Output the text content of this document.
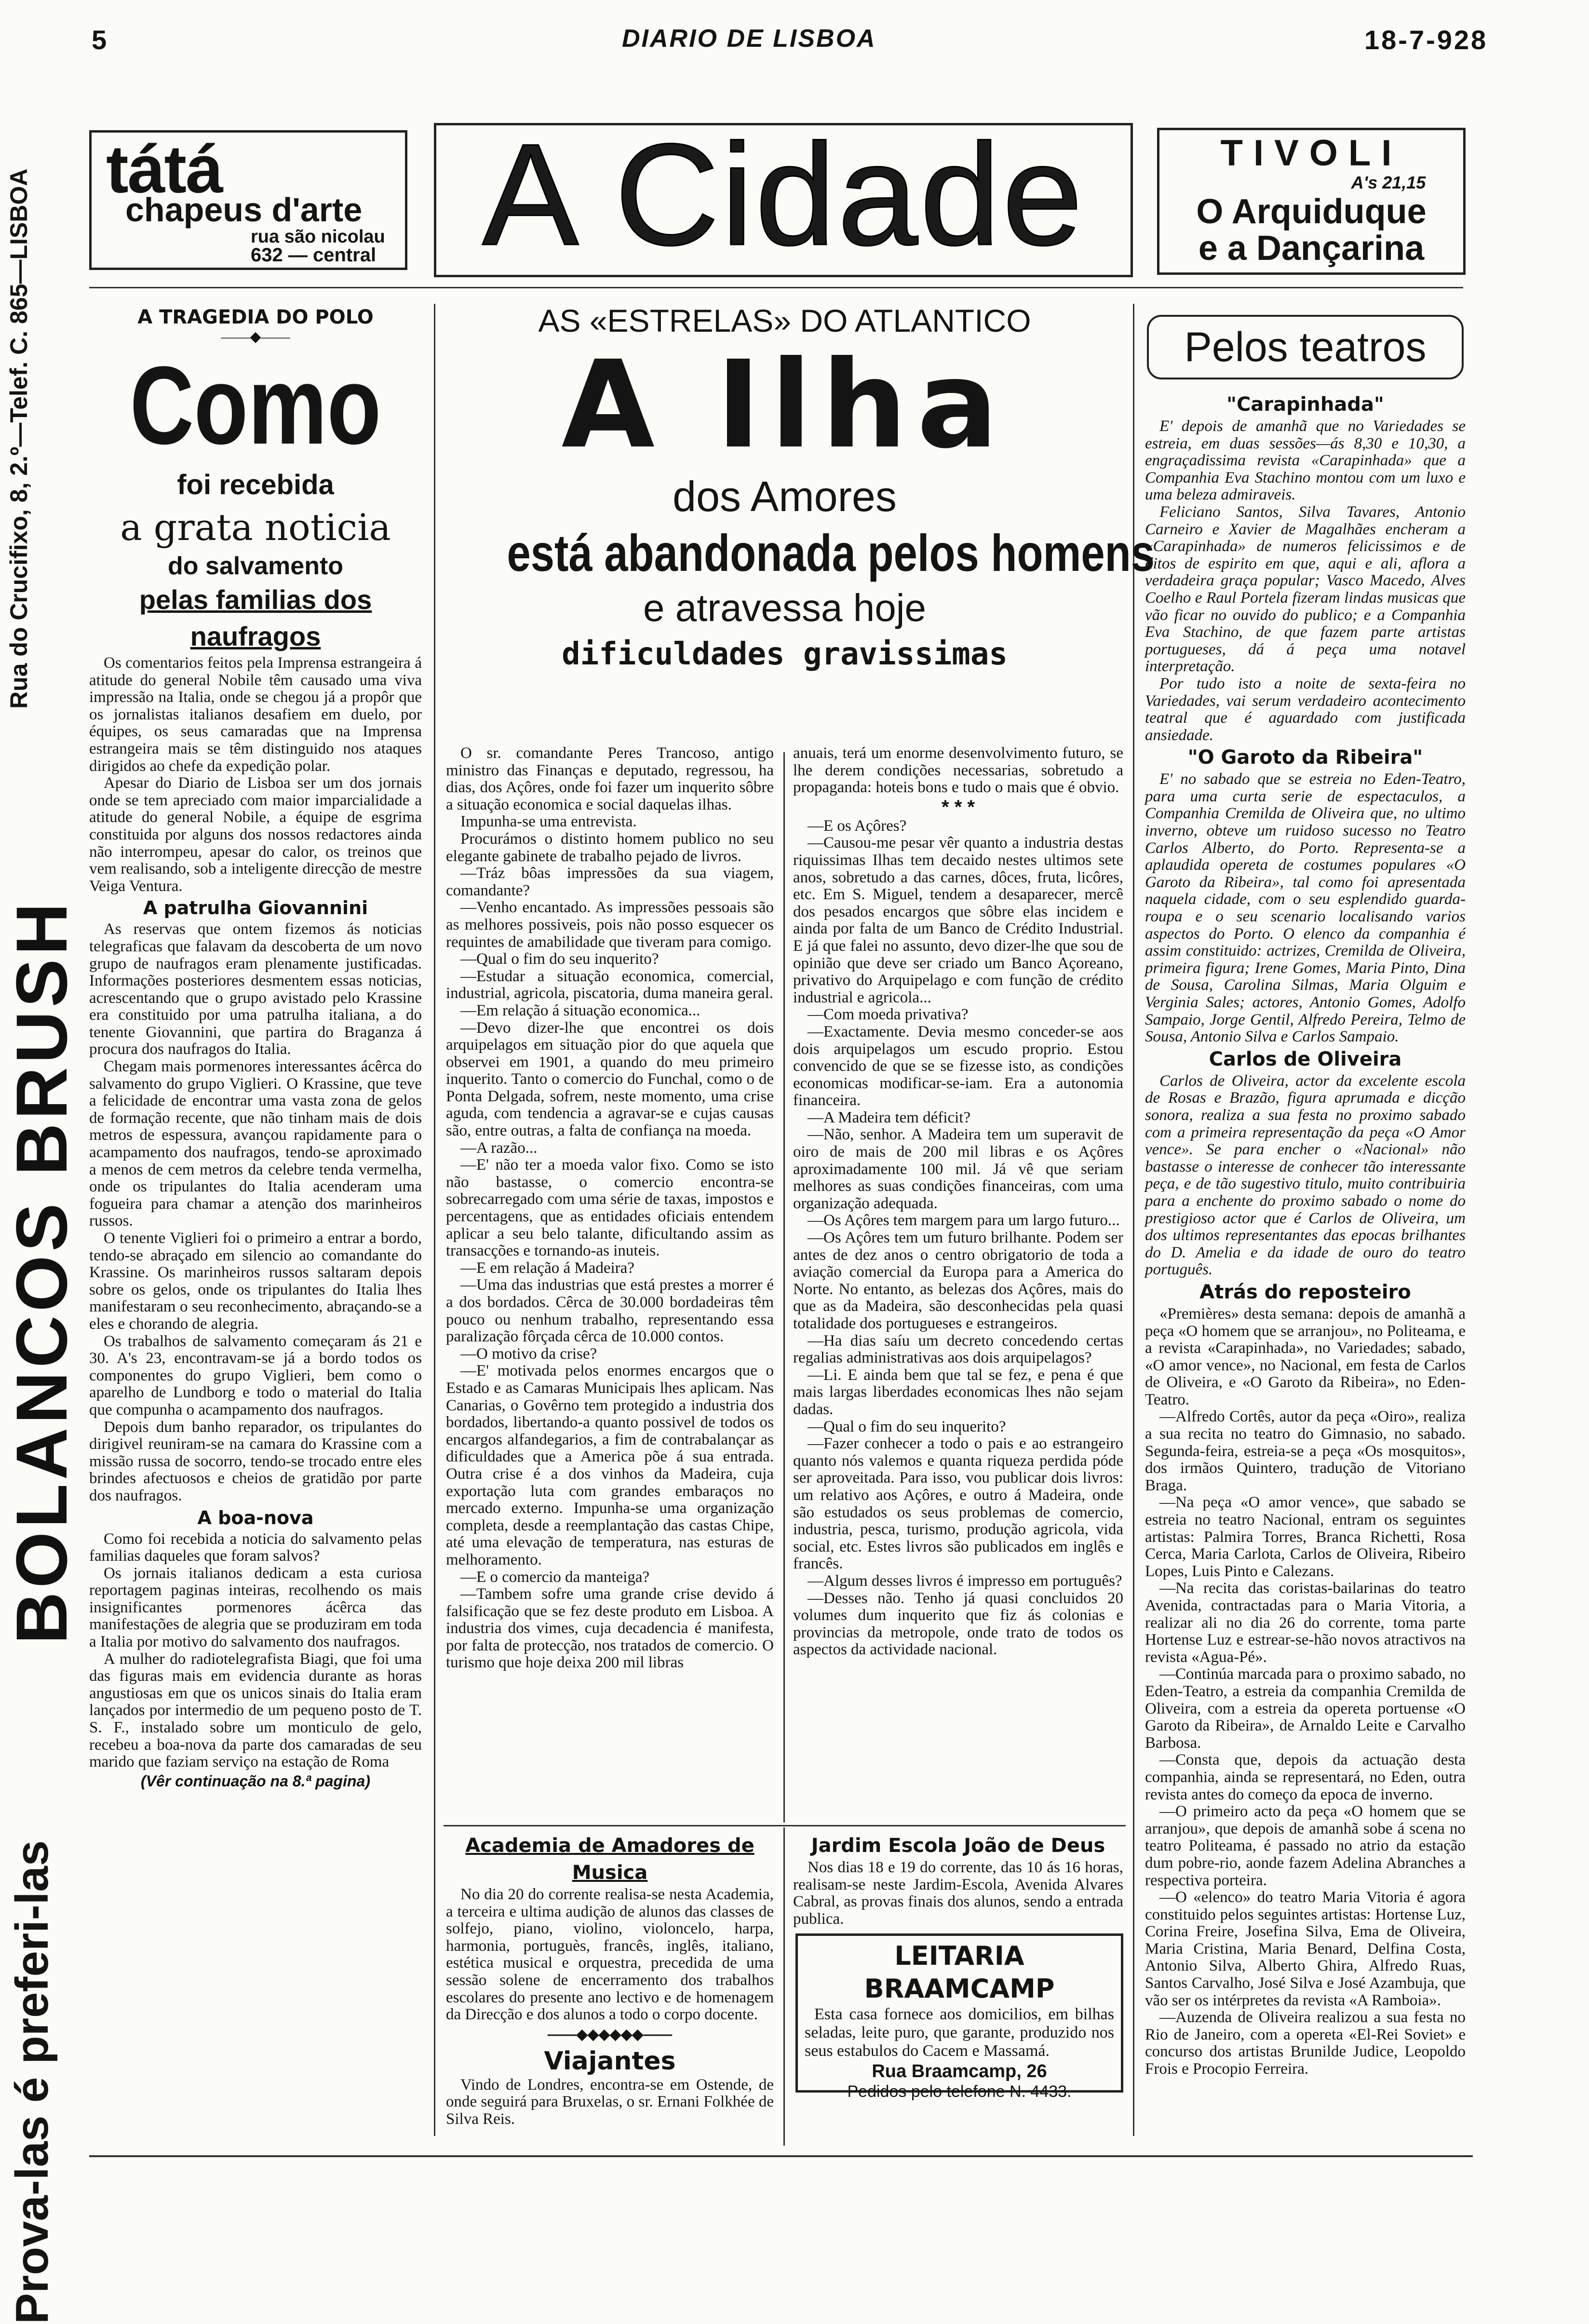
5	DIARIO DE LISBOA	18-7-928
Rua do Crucifixo, 8, 2.º—Telef. C. 865—LISBOA
BOLANCOS BRUSH
Prova-las é preferi-las
tátá
chapeus d'arte
rua são nicolau
632 — central A Cidade	TIVOLI
A's 21,15
O Arquiduque
e a Dançarina
A TRAGEDIA DO POLO
——◆——
Como
foi recebida
a grata noticia
do salvamento
pelas familias dos naufragos

Os comentarios feitos pela Imprensa estrangeira á atitude do general Nobile têm causado uma viva impressão na Italia, onde se chegou já a propôr que os jornalistas italianos desafiem em duelo, por équipes, os seus camaradas que na Imprensa estrangeira mais se têm distinguido nos ataques dirigidos ao chefe da expedição polar.

Apesar do Diario de Lisboa ser um dos jornais onde se tem apreciado com maior imparcialidade a atitude do general Nobile, a équipe de esgrima constituida por alguns dos nossos redactores ainda não interrompeu, apesar do calor, os treinos que vem realisando, sob a inteligente direcção de mestre Veiga Ventura.

A patrulha Giovannini

As reservas que ontem fizemos ás noticias telegraficas que falavam da descoberta de um novo grupo de naufragos eram plenamente justificadas. Informações posteriores desmentem essas noticias, acrescentando que o grupo avistado pelo Krassine era constituido por uma patrulha italiana, a do tenente Giovannini, que partira do Braganza á procura dos naufragos do Italia.

Chegam mais pormenores interessantes ácêrca do salvamento do grupo Viglieri. O Krassine, que teve a felicidade de encontrar uma vasta zona de gelos de formação recente, que não tinham mais de dois metros de espessura, avançou rapidamente para o acampamento dos naufragos, tendo-se aproximado a menos de cem metros da celebre tenda vermelha, onde os tripulantes do Italia acenderam uma fogueira para chamar a atenção dos marinheiros russos.

O tenente Viglieri foi o primeiro a entrar a bordo, tendo-se abraçado em silencio ao comandante do Krassine. Os marinheiros russos saltaram depois sobre os gelos, onde os tripulantes do Italia lhes manifestaram o seu reconhecimento, abraçando-se a eles e chorando de alegria.

Os trabalhos de salvamento começaram ás 21 e 30. A's 23, encontravam-se já a bordo todos os componentes do grupo Viglieri, bem como o aparelho de Lundborg e todo o material do Italia que compunha o acampamento dos naufragos.

Depois dum banho reparador, os tripulantes do dirigivel reuniram-se na camara do Krassine com a missão russa de socorro, tendo-se trocado entre eles brindes afectuosos e cheios de gratidão por parte dos naufragos.

A boa-nova

Como foi recebida a noticia do salvamento pelas familias daqueles que foram salvos?

Os jornais italianos dedicam a esta curiosa reportagem paginas inteiras, recolhendo os mais insignificantes pormenores ácêrca das manifestações de alegria que se produziram em toda a Italia por motivo do salvamento dos naufragos.

A mulher do radiotelegrafista Biagi, que foi uma das figuras mais em evidencia durante as horas angustiosas em que os unicos sinais do Italia eram lançados por intermedio de um pequeno posto de T. S. F., instalado sobre um monticulo de gelo, recebeu a boa-nova da parte dos camaradas de seu marido que faziam serviço na estação de Roma

(Vêr continuação na 8.ª pagina)
AS «ESTRELAS» DO ATLANTICO
A Ilha
dos Amores
está abandonada pelos homens
e atravessa hoje
dificuldades gravissimas

O sr. comandante Peres Trancoso, antigo ministro das Finanças e deputado, regressou, ha dias, dos Açôres, onde foi fazer um inquerito sôbre a situação economica e social daquelas ilhas.

Impunha-se uma entrevista.

Procurámos o distinto homem publico no seu elegante gabinete de trabalho pejado de livros.

—Tráz bôas impressões da sua viagem, comandante?

—Venho encantado. As impressões pessoais são as melhores possiveis, pois não posso esquecer os requintes de amabilidade que tiveram para comigo.

—Qual o fim do seu inquerito?

—Estudar a situação economica, comercial, industrial, agricola, piscatoria, duma maneira geral.

—Em relação á situação economica...

—Devo dizer-lhe que encontrei os dois arquipelagos em situação pior do que aquela que observei em 1901, a quando do meu primeiro inquerito. Tanto o comercio do Funchal, como o de Ponta Delgada, sofrem, neste momento, uma crise aguda, com tendencia a agravar-se e cujas causas são, entre outras, a falta de confiança na moeda.

—A razão...

—E' não ter a moeda valor fixo. Como se isto não bastasse, o comercio encontra-se sobrecarregado com uma série de taxas, impostos e percentagens, que as entidades oficiais entendem aplicar a seu belo talante, dificultando assim as transacções e tornando-as inuteis.

—E em relação á Madeira?

—Uma das industrias que está prestes a morrer é a dos bordados. Cêrca de 30.000 bordadeiras têm pouco ou nenhum trabalho, representando essa paralização fôrçada cêrca de 10.000 contos.

—O motivo da crise?

—E' motivada pelos enormes encargos que o Estado e as Camaras Municipais lhes aplicam. Nas Canarias, o Govêrno tem protegido a industria dos bordados, libertando-a quanto possivel de todos os encargos alfandegarios, a fim de contrabalançar as dificuldades que a America põe á sua entrada. Outra crise é a dos vinhos da Madeira, cuja exportação luta com grandes embaraços no mercado externo. Impunha-se uma organização completa, desde a reemplantação das castas Chipe, até uma elevação de temperatura, nas esturas de melhoramento.

—E o comercio da manteiga?

—Tambem sofre uma grande crise devido á falsificação que se fez deste produto em Lisboa. A industria dos vimes, cuja decadencia é manifesta, por falta de protecção, nos tratados de comercio. O turismo que hoje deixa 200 mil libras

anuais, terá um enorme desenvolvimento futuro, se lhe derem condições necessarias, sobretudo a propaganda: hoteis bons e tudo o mais que é obvio.

* * *

—E os Açôres?

—Causou-me pesar vêr quanto a industria destas riquissimas Ilhas tem decaido nestes ultimos sete anos, sobretudo a das carnes, dôces, fruta, licôres, etc. Em S. Miguel, tendem a desaparecer, mercê dos pesados encargos que sôbre elas incidem e ainda por falta de um Banco de Crédito Industrial. E já que falei no assunto, devo dizer-lhe que sou de opinião que deve ser criado um Banco Açoreano, privativo do Arquipelago e com função de crédito industrial e agricola...

—Com moeda privativa?

—Exactamente. Devia mesmo conceder-se aos dois arquipelagos um escudo proprio. Estou convencido de que se se fizesse isto, as condições economicas modificar-se-iam. Era a autonomia financeira.

—A Madeira tem déficit?

—Não, senhor. A Madeira tem um superavit de oiro de mais de 200 mil libras e os Açôres aproximadamente 100 mil. Já vê que seriam melhores as suas condições financeiras, com uma organização adequada.

—Os Açôres tem margem para um largo futuro...

—Os Açôres tem um futuro brilhante. Podem ser antes de dez anos o centro obrigatorio de toda a aviação comercial da Europa para a America do Norte. No entanto, as belezas dos Açôres, mais do que as da Madeira, são desconhecidas pela quasi totalidade dos portugueses e estrangeiros.

—Ha dias saíu um decreto concedendo certas regalias administrativas aos dois arquipelagos?

—Li. E ainda bem que tal se fez, e pena é que mais largas liberdades economicas lhes não sejam dadas.

—Qual o fim do seu inquerito?

—Fazer conhecer a todo o pais e ao estrangeiro quanto nós valemos e quanta riqueza perdida póde ser aproveitada. Para isso, vou publicar dois livros: um relativo aos Açôres, e outro á Madeira, onde são estudados os seus problemas de comercio, industria, pesca, turismo, produção agricola, vida social, etc. Estes livros são publicados em inglês e francês.

—Algum desses livros é impresso em português?

—Desses não. Tenho já quasi concluidos 20 volumes dum inquerito que fiz ás colonias e provincias da metropole, onde trato de todos os aspectos da actividade nacional.

Academia de Amadores de Musica

No dia 20 do corrente realisa-se nesta Academia, a terceira e ultima audição de alunos das classes de solfejo, piano, violino, violoncelo, harpa, harmonia, portuguès, francês, inglês, italiano, estética musical e orquestra, precedida de uma sessão solene de encerramento dos trabalhos escolares do presente ano lectivo e de homenagem da Direcção e dos alunos a todo o corpo docente.

——◆◆◆◆◆◆——
Viajantes

Vindo de Londres, encontra-se em Ostende, de onde seguirá para Bruxelas, o sr. Ernani Folkhée de Silva Reis.

Jardim Escola João de Deus

Nos dias 18 e 19 do corrente, das 10 ás 16 horas, realisam-se neste Jardim-Escola, Avenida Alvares Cabral, as provas finais dos alunos, sendo a entrada publica.

LEITARIA BRAAMCAMP

Esta casa fornece aos domicilios, em bilhas seladas, leite puro, que garante, produzido nos seus estabulos do Cacem e Massamá.

Rua Braamcamp, 26
Pedidos pelo telefone N. 4433.
Pelos teatros
"Carapinhada"

E' depois de amanhã que no Variedades se estreia, em duas sessões—ás 8,30 e 10,30, a engraçadissima revista «Carapinhada» que a Companhia Eva Stachino montou com um luxo e uma beleza admiraveis.

Feliciano Santos, Silva Tavares, Antonio Carneiro e Xavier de Magalhães encheram a «Carapinhada» de numeros felicissimos e de ditos de espirito em que, aqui e ali, aflora a verdadeira graça popular; Vasco Macedo, Alves Coelho e Raul Portela fizeram lindas musicas que vão ficar no ouvido do publico; e a Companhia Eva Stachino, de que fazem parte artistas portugueses, dá á peça uma notavel interpretação.

Por tudo isto a noite de sexta-feira no Variedades, vai serum verdadeiro acontecimento teatral que é aguardado com justificada ansiedade.

"O Garoto da Ribeira"

E' no sabado que se estreia no Eden-Teatro, para uma curta serie de espectaculos, a Companhia Cremilda de Oliveira que, no ultimo inverno, obteve um ruidoso sucesso no Teatro Carlos Alberto, do Porto. Representa-se a aplaudida opereta de costumes populares «O Garoto da Ribeira», tal como foi apresentada naquela cidade, com o seu esplendido guarda-roupa e o seu scenario localisando varios aspectos do Porto. O elenco da companhia é assim constituido: actrizes, Cremilda de Oliveira, primeira figura; Irene Gomes, Maria Pinto, Dina de Sousa, Carolina Silmas, Maria Olguim e Verginia Sales; actores, Antonio Gomes, Adolfo Sampaio, Jorge Gentil, Alfredo Pereira, Telmo de Sousa, Antonio Silva e Carlos Sampaio.

Carlos de Oliveira

Carlos de Oliveira, actor da excelente escola de Rosas e Brazão, figura aprumada e dicção sonora, realiza a sua festa no proximo sabado com a primeira representação da peça «O Amor vence». Se para encher o «Nacional» não bastasse o interesse de conhecer tão interessante peça, e de tão sugestivo titulo, muito contribuiria para a enchente do proximo sabado o nome do prestigioso actor que é Carlos de Oliveira, um dos ultimos representantes das epocas brilhantes do D. Amelia e da idade de ouro do teatro português.

Atrás do reposteiro

«Premières» desta semana: depois de amanhã a peça «O homem que se arranjou», no Politeama, e a revista «Carapinhada», no Variedades; sabado, «O amor vence», no Nacional, em festa de Carlos de Oliveira, e «O Garoto da Ribeira», no Eden-Teatro.

—Alfredo Cortês, autor da peça «Oiro», realiza a sua recita no teatro do Gimnasio, no sabado. Segunda-feira, estreia-se a peça «Os mosquitos», dos irmãos Quintero, tradução de Vitoriano Braga.

—Na peça «O amor vence», que sabado se estreia no teatro Nacional, entram os seguintes artistas: Palmira Torres, Branca Richetti, Rosa Cerca, Maria Carlota, Carlos de Oliveira, Ribeiro Lopes, Luis Pinto e Calezans.

—Na recita das coristas-bailarinas do teatro Avenida, contractadas para o Maria Vitoria, a realizar ali no dia 26 do corrente, toma parte Hortense Luz e estrear-se-hão novos atractivos na revista «Agua-Pé».

—Continúa marcada para o proximo sabado, no Eden-Teatro, a estreia da companhia Cremilda de Oliveira, com a estreia da opereta portuense «O Garoto da Ribeira», de Arnaldo Leite e Carvalho Barbosa.

—Consta que, depois da actuação desta companhia, ainda se representará, no Eden, outra revista antes do começo da epoca de inverno.

—O primeiro acto da peça «O homem que se arranjou», que depois de amanhã sobe á scena no teatro Politeama, é passado no atrio da estação dum pobre-rio, aonde fazem Adelina Abranches a respectiva porteira.

—O «elenco» do teatro Maria Vitoria é agora constituido pelos seguintes artistas: Hortense Luz, Corina Freire, Josefina Silva, Ema de Oliveira, Maria Cristina, Maria Benard, Delfina Costa, Antonio Silva, Alberto Ghira, Alfredo Ruas, Santos Carvalho, José Silva e José Azambuja, que vão ser os intérpretes da revista «A Ramboia».

—Auzenda de Oliveira realizou a sua festa no Rio de Janeiro, com a opereta «El-Rei Soviet» e concurso dos artistas Brunilde Judice, Leopoldo Frois e Procopio Ferreira.
